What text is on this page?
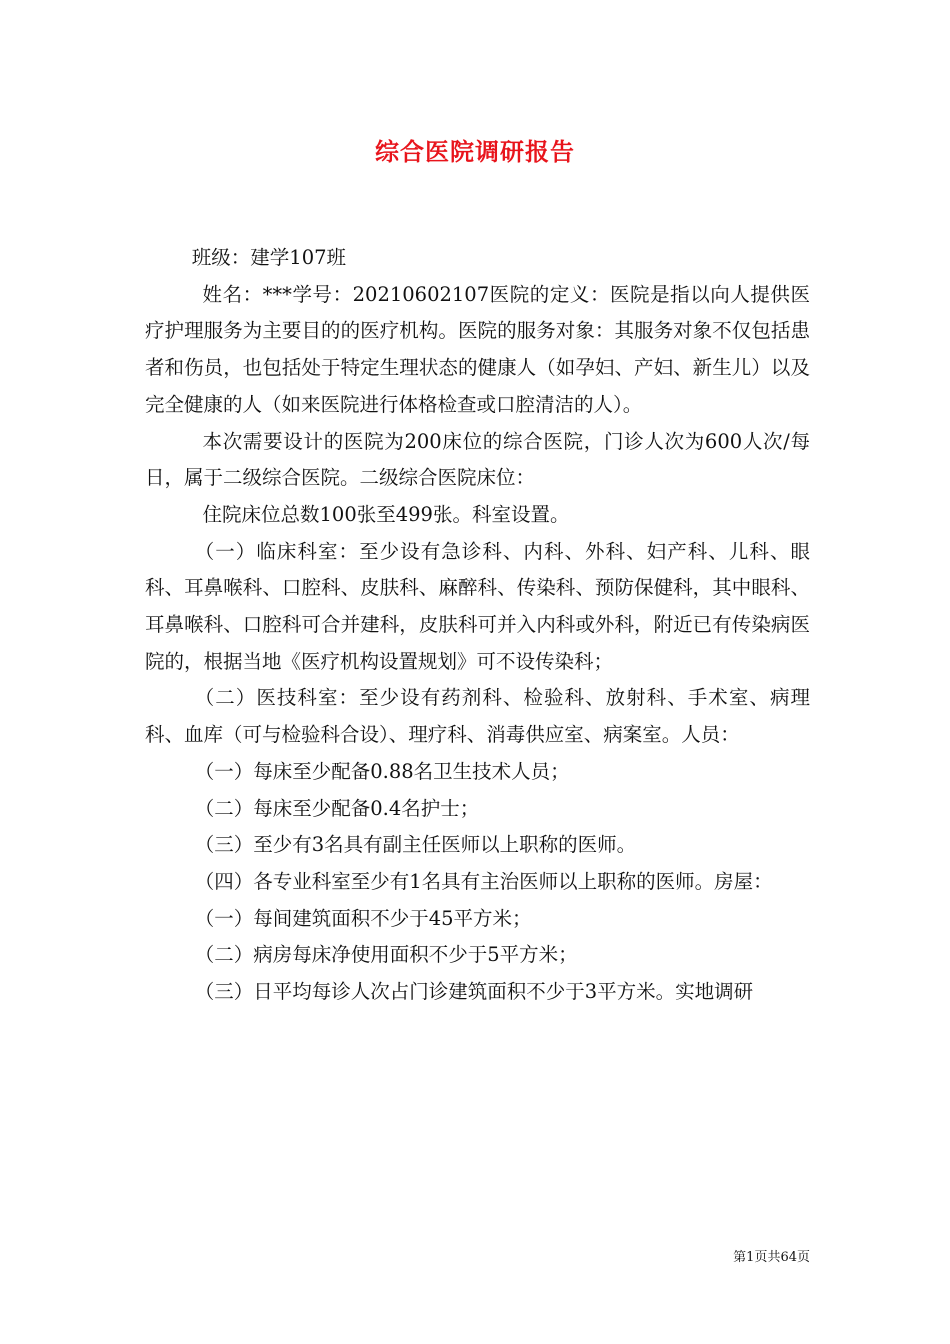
综合医院调研报告

班级：建学107班

姓名：***学号：20210602107医院的定义：医院是指以向人提供医疗护理服务为主要目的的医疗机构。医院的服务对象：其服务对象不仅包括患者和伤员，也包括处于特定生理状态的健康人（如孕妇、产妇、新生儿）以及完全健康的人（如来医院进行体格检查或口腔清洁的人）。

本次需要设计的医院为200床位的综合医院，门诊人次为600人次/每日，属于二级综合医院。二级综合医院床位：

住院床位总数100张至499张。科室设置。

（一）临床科室：至少设有急诊科、内科、外科、妇产科、儿科、眼科、耳鼻喉科、口腔科、皮肤科、麻醉科、传染科、预防保健科，其中眼科、耳鼻喉科、口腔科可合并建科，皮肤科可并入内科或外科，附近已有传染病医院的，根据当地《医疗机构设置规划》可不设传染科；

（二）医技科室：至少设有药剂科、检验科、放射科、手术室、病理科、血库（可与检验科合设）、理疗科、消毒供应室、病案室。人员：

（一）每床至少配备0.88名卫生技术人员；

（二）每床至少配备0.4名护士；

（三）至少有3名具有副主任医师以上职称的医师。

（四）各专业科室至少有1名具有主治医师以上职称的医师。房屋：

（一）每间建筑面积不少于45平方米；

（二）病房每床净使用面积不少于5平方米；

（三）日平均每诊人次占门诊建筑面积不少于3平方米。实地调研

第1页共64页
